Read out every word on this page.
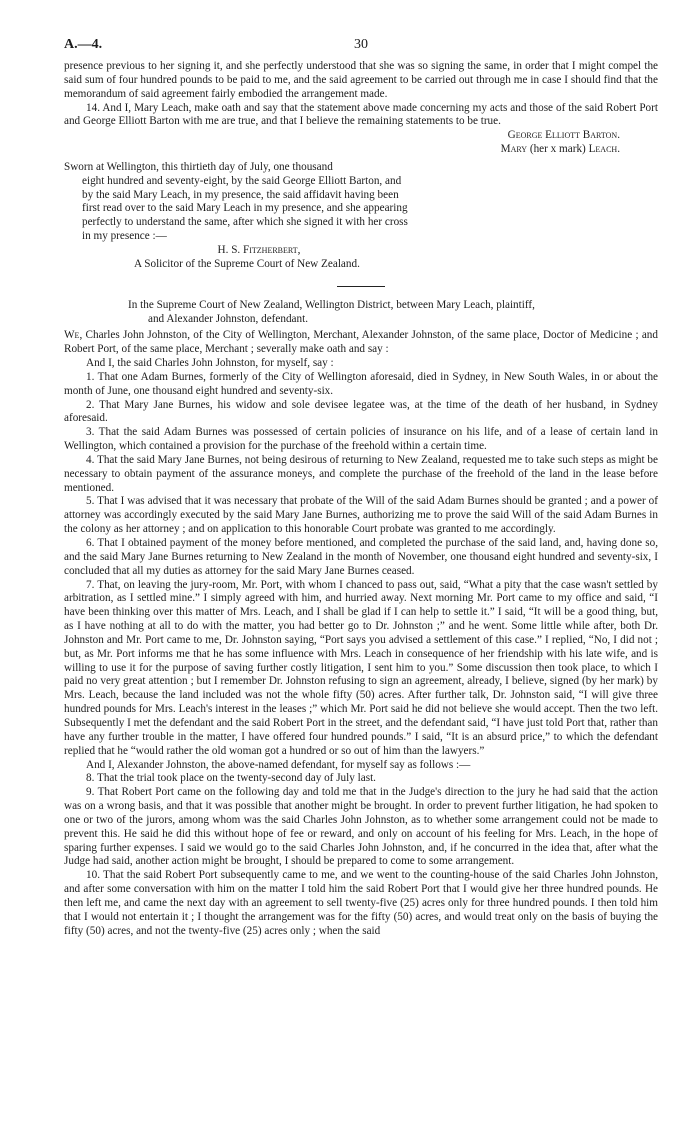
A.—4.	30

presence previous to her signing it, and she perfectly understood that she was so signing the same, in order that I might compel the said sum of four hundred pounds to be paid to me, and the said agreement to be carried out through me in case I should find that the memorandum of said agreement fairly embodied the arrangement made.

14. And I, Mary Leach, make oath and say that the statement above made concerning my acts and those of the said Robert Port and George Elliott Barton with me are true, and that I believe the remaining statements to be true.

George Elliott Barton.
Mary (her x mark) Leach.

Sworn at Wellington, this thirtieth day of July, one thousand

eight hundred and seventy-eight, by the said George Elliott Barton, and by the said Mary Leach, in my presence, the said affidavit having been first read over to the said Mary Leach in my presence, and she appearing perfectly to understand the same, after which she signed it with her cross in my presence :—

H. S. Fitzherbert,

A Solicitor of the Supreme Court of New Zealand.

In the Supreme Court of New Zealand, Wellington District, between Mary Leach, plaintiff,

and Alexander Johnston, defendant.

We, Charles John Johnston, of the City of Wellington, Merchant, Alexander Johnston, of the same place, Doctor of Medicine ; and Robert Port, of the same place, Merchant ; severally make oath and say :

And I, the said Charles John Johnston, for myself, say :

1. That one Adam Burnes, formerly of the City of Wellington aforesaid, died in Sydney, in New South Wales, in or about the month of June, one thousand eight hundred and seventy-six.

2. That Mary Jane Burnes, his widow and sole devisee legatee was, at the time of the death of her husband, in Sydney aforesaid.

3. That the said Adam Burnes was possessed of certain policies of insurance on his life, and of a lease of certain land in Wellington, which contained a provision for the purchase of the freehold within a certain time.

4. That the said Mary Jane Burnes, not being desirous of returning to New Zealand, requested me to take such steps as might be necessary to obtain payment of the assurance moneys, and complete the purchase of the freehold of the land in the lease before mentioned.

5. That I was advised that it was necessary that probate of the Will of the said Adam Burnes should be granted ; and a power of attorney was accordingly executed by the said Mary Jane Burnes, authorizing me to prove the said Will of the said Adam Burnes in the colony as her attorney ; and on application to this honorable Court probate was granted to me accordingly.

6. That I obtained payment of the money before mentioned, and completed the purchase of the said land, and, having done so, and the said Mary Jane Burnes returning to New Zealand in the month of November, one thousand eight hundred and seventy-six, I concluded that all my duties as attorney for the said Mary Jane Burnes ceased.

7. That, on leaving the jury-room, Mr. Port, with whom I chanced to pass out, said, “What a pity that the case wasn't settled by arbitration, as I settled mine.” I simply agreed with him, and hurried away. Next morning Mr. Port came to my office and said, “I have been thinking over this matter of Mrs. Leach, and I shall be glad if I can help to settle it.” I said, “It will be a good thing, but, as I have nothing at all to do with the matter, you had better go to Dr. Johnston ;” and he went. Some little while after, both Dr. Johnston and Mr. Port came to me, Dr. Johnston saying, “Port says you advised a settlement of this case.” I replied, “No, I did not ; but, as Mr. Port informs me that he has some influence with Mrs. Leach in consequence of her friendship with his late wife, and is willing to use it for the purpose of saving further costly litigation, I sent him to you.” Some discussion then took place, to which I paid no very great attention ; but I remember Dr. Johnston refusing to sign an agreement, already, I believe, signed (by her mark) by Mrs. Leach, because the land included was not the whole fifty (50) acres. After further talk, Dr. Johnston said, “I will give three hundred pounds for Mrs. Leach's interest in the leases ;” which Mr. Port said he did not believe she would accept. Then the two left. Subsequently I met the defendant and the said Robert Port in the street, and the defendant said, “I have just told Port that, rather than have any further trouble in the matter, I have offered four hundred pounds.” I said, “It is an absurd price,” to which the defendant replied that he “would rather the old woman got a hundred or so out of him than the lawyers.”

And I, Alexander Johnston, the above-named defendant, for myself say as follows :—

8. That the trial took place on the twenty-second day of July last.

9. That Robert Port came on the following day and told me that in the Judge's direction to the jury he had said that the action was on a wrong basis, and that it was possible that another might be brought. In order to prevent further litigation, he had spoken to one or two of the jurors, among whom was the said Charles John Johnston, as to whether some arrangement could not be made to prevent this. He said he did this without hope of fee or reward, and only on account of his feeling for Mrs. Leach, in the hope of sparing further expenses. I said we would go to the said Charles John Johnston, and, if he concurred in the idea that, after what the Judge had said, another action might be brought, I should be prepared to come to some arrangement.

10. That the said Robert Port subsequently came to me, and we went to the counting-house of the said Charles John Johnston, and after some conversation with him on the matter I told him the said Robert Port that I would give her three hundred pounds. He then left me, and came the next day with an agreement to sell twenty-five (25) acres only for three hundred pounds. I then told him that I would not entertain it ; I thought the arrangement was for the fifty (50) acres, and would treat only on the basis of buying the fifty (50) acres, and not the twenty-five (25) acres only ; when the said
